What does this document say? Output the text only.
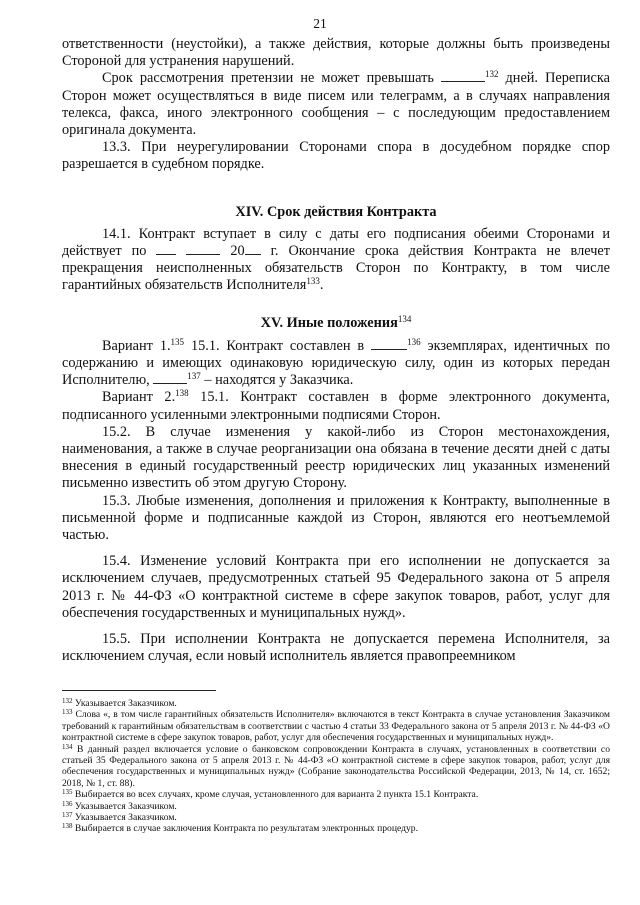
21

ответственности (неустойки), а также действия, которые должны быть произведены Стороной для устранения нарушений.

Срок рассмотрения претензии не может превышать	$^{132}$ дней. Переписка Сторон может осуществляться в виде писем или телеграмм, а в случаях направления телекса, факса, иного электронного сообщения – с последующим предоставлением оригинала документа.

13.3. При неурегулировании Сторонами спора в досудебном порядке спор разрешается в судебном порядке.

XIV. Срок действия Контракта

14.1. Контракт вступает в силу с даты его подписания обеими Сторонами и действует по	20 г. Окончание срока действия Контракта не влечет прекращения неисполненных обязательств Сторон по Контракту, в том числе гарантийных обязательств Исполнителя$^{133}$.

XV. Иные положения$^{134}$

Вариант 1.$^{135}$ 15.1. Контракт составлен в	$^{136}$ экземплярах, идентичных по содержанию и имеющих одинаковую юридическую силу, один из которых передан Исполнителю,	$^{137}$ – находятся у Заказчика.

Вариант 2.$^{138}$ 15.1. Контракт составлен в форме электронного документа, подписанного усиленными электронными подписями Сторон.

15.2. В случае изменения у какой-либо из Сторон местонахождения, наименования, а также в случае реорганизации она обязана в течение десяти дней с даты внесения в единый государственный реестр юридических лиц указанных изменений письменно известить об этом другую Сторону.

15.3. Любые изменения, дополнения и приложения к Контракту, выполненные в письменной форме и подписанные каждой из Сторон, являются его неотъемлемой частью.

15.4. Изменение условий Контракта при его исполнении не допускается за исключением случаев, предусмотренных статьей 95 Федерального закона от 5 апреля 2013 г. № 44-ФЗ «О контрактной системе в сфере закупок товаров, работ, услуг для обеспечения государственных и муниципальных нужд».

15.5. При исполнении Контракта не допускается перемена Исполнителя, за исключением случая, если новый исполнитель является правопреемником

$^{132}$ Указывается Заказчиком.

$^{133}$ Слова «, в том числе гарантийных обязательств Исполнителя» включаются в текст Контракта в случае установления Заказчиком требований к гарантийным обязательствам в соответствии с частью 4 статьи 33 Федерального закона от 5 апреля 2013 г. № 44-ФЗ «О контрактной системе в сфере закупок товаров, работ, услуг для обеспечения государственных и муниципальных нужд».

$^{134}$ В данный раздел включается условие о банковском сопровождении Контракта в случаях, установленных в соответствии со статьей 35 Федерального закона от 5 апреля 2013 г. № 44-ФЗ «О контрактной системе в сфере закупок товаров, работ, услуг для обеспечения государственных и муниципальных нужд» (Собрание законодательства Российской Федерации, 2013, № 14, ст. 1652; 2018, № 1, ст. 88).

$^{135}$ Выбирается во всех случаях, кроме случая, установленного для варианта 2 пункта 15.1 Контракта.

$^{136}$ Указывается Заказчиком.

$^{137}$ Указывается Заказчиком.

$^{138}$ Выбирается в случае заключения Контракта по результатам электронных процедур.
